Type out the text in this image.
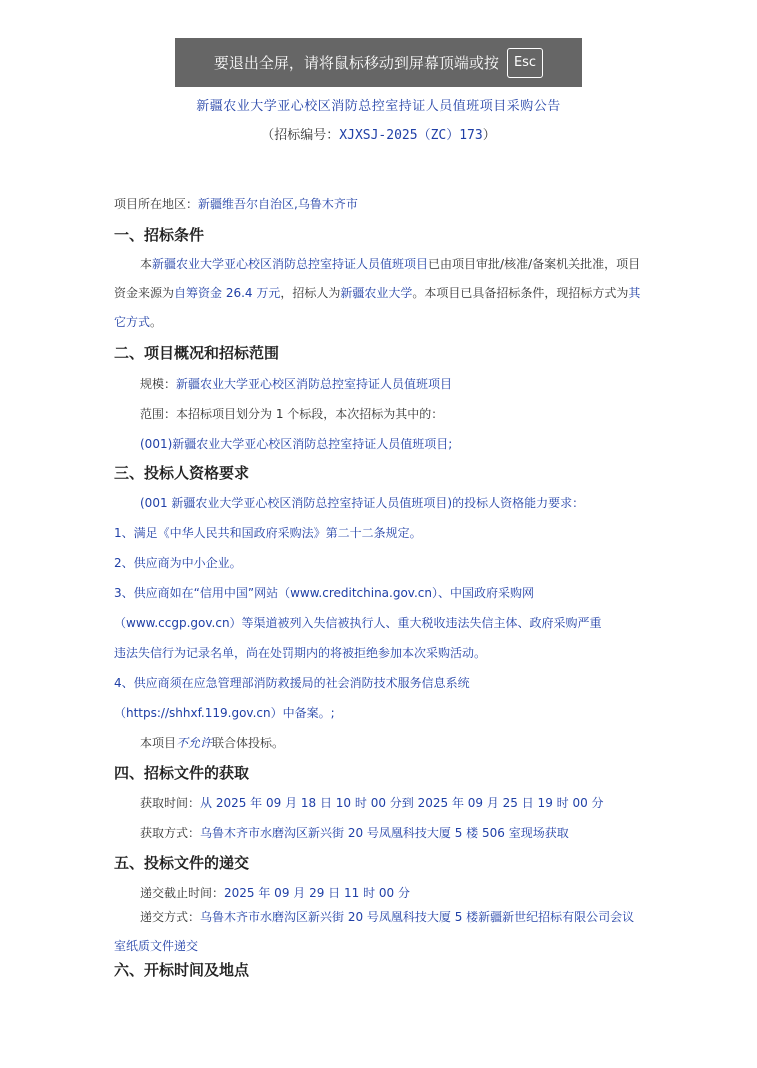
要退出全屏，请将鼠标移动到屏幕顶端或按	Esc
新疆农业大学亚心校区消防总控室持证人员值班项目采购公告
（招标编号：XJXSJ-2025（ZC）173）
项目所在地区：新疆维吾尔自治区,乌鲁木齐市
一、招标条件
本新疆农业大学亚心校区消防总控室持证人员值班项目已由项目审批/核准/备案机关批准，项目资金来源为自筹资金 26.4 万元，招标人为新疆农业大学。本项目已具备招标条件，现招标方式为其它方式。
二、项目概况和招标范围
规模：新疆农业大学亚心校区消防总控室持证人员值班项目
范围：本招标项目划分为 1 个标段，本次招标为其中的：
(001)新疆农业大学亚心校区消防总控室持证人员值班项目;
三、投标人资格要求
(001 新疆农业大学亚心校区消防总控室持证人员值班项目)的投标人资格能力要求：
1、满足《中华人民共和国政府采购法》第二十二条规定。
2、供应商为中小企业。
3、供应商如在“信用中国”网站（www.creditchina.gov.cn）、中国政府采购网
（www.ccgp.gov.cn）等渠道被列入失信被执行人、重大税收违法失信主体、政府采购严重
违法失信行为记录名单，尚在处罚期内的将被拒绝参加本次采购活动。
4、供应商须在应急管理部消防救援局的社会消防技术服务信息系统
（https://shhxf.119.gov.cn）中备案。;
本项目不允许联合体投标。
四、招标文件的获取
获取时间：从 2025 年 09 月 18 日 10 时 00 分到 2025 年 09 月 25 日 19 时 00 分
获取方式：乌鲁木齐市水磨沟区新兴街 20 号凤凰科技大厦 5 楼 506 室现场获取
五、投标文件的递交
递交截止时间：2025 年 09 月 29 日 11 时 00 分
递交方式：乌鲁木齐市水磨沟区新兴街 20 号凤凰科技大厦 5 楼新疆新世纪招标有限公司会议室纸质文件递交
六、开标时间及地点
